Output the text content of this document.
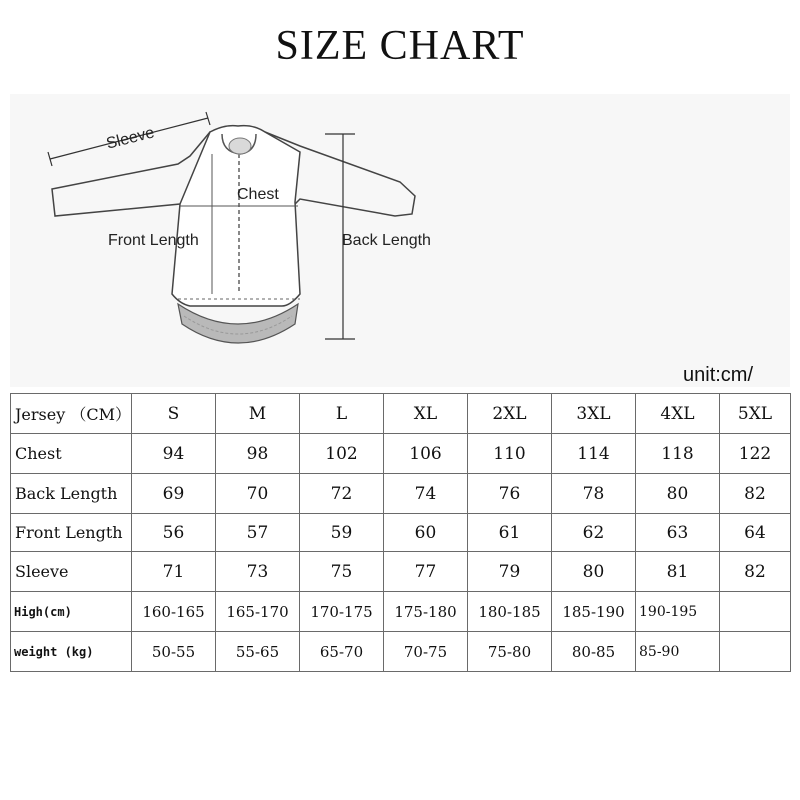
SIZE CHART
Sleeve
Chest
Front Length	Back Length
unit:cm/
Jersey （CM）	S	M	L	XL	2XL	3XL	4XL	5XL
Chest	94	98	102	106	110	114	118	122
Back Length	69	70	72	74	76	78	80	82
Front Length	56	57	59	60	61	62	63	64
Sleeve	71	73	75	77	79	80	81	82
High(cm)	160-165	165-170	170-175	175-180	180-185	185-190	190-195	
weight (kg)	50-55	55-65	65-70	70-75	75-80	80-85	85-90	
